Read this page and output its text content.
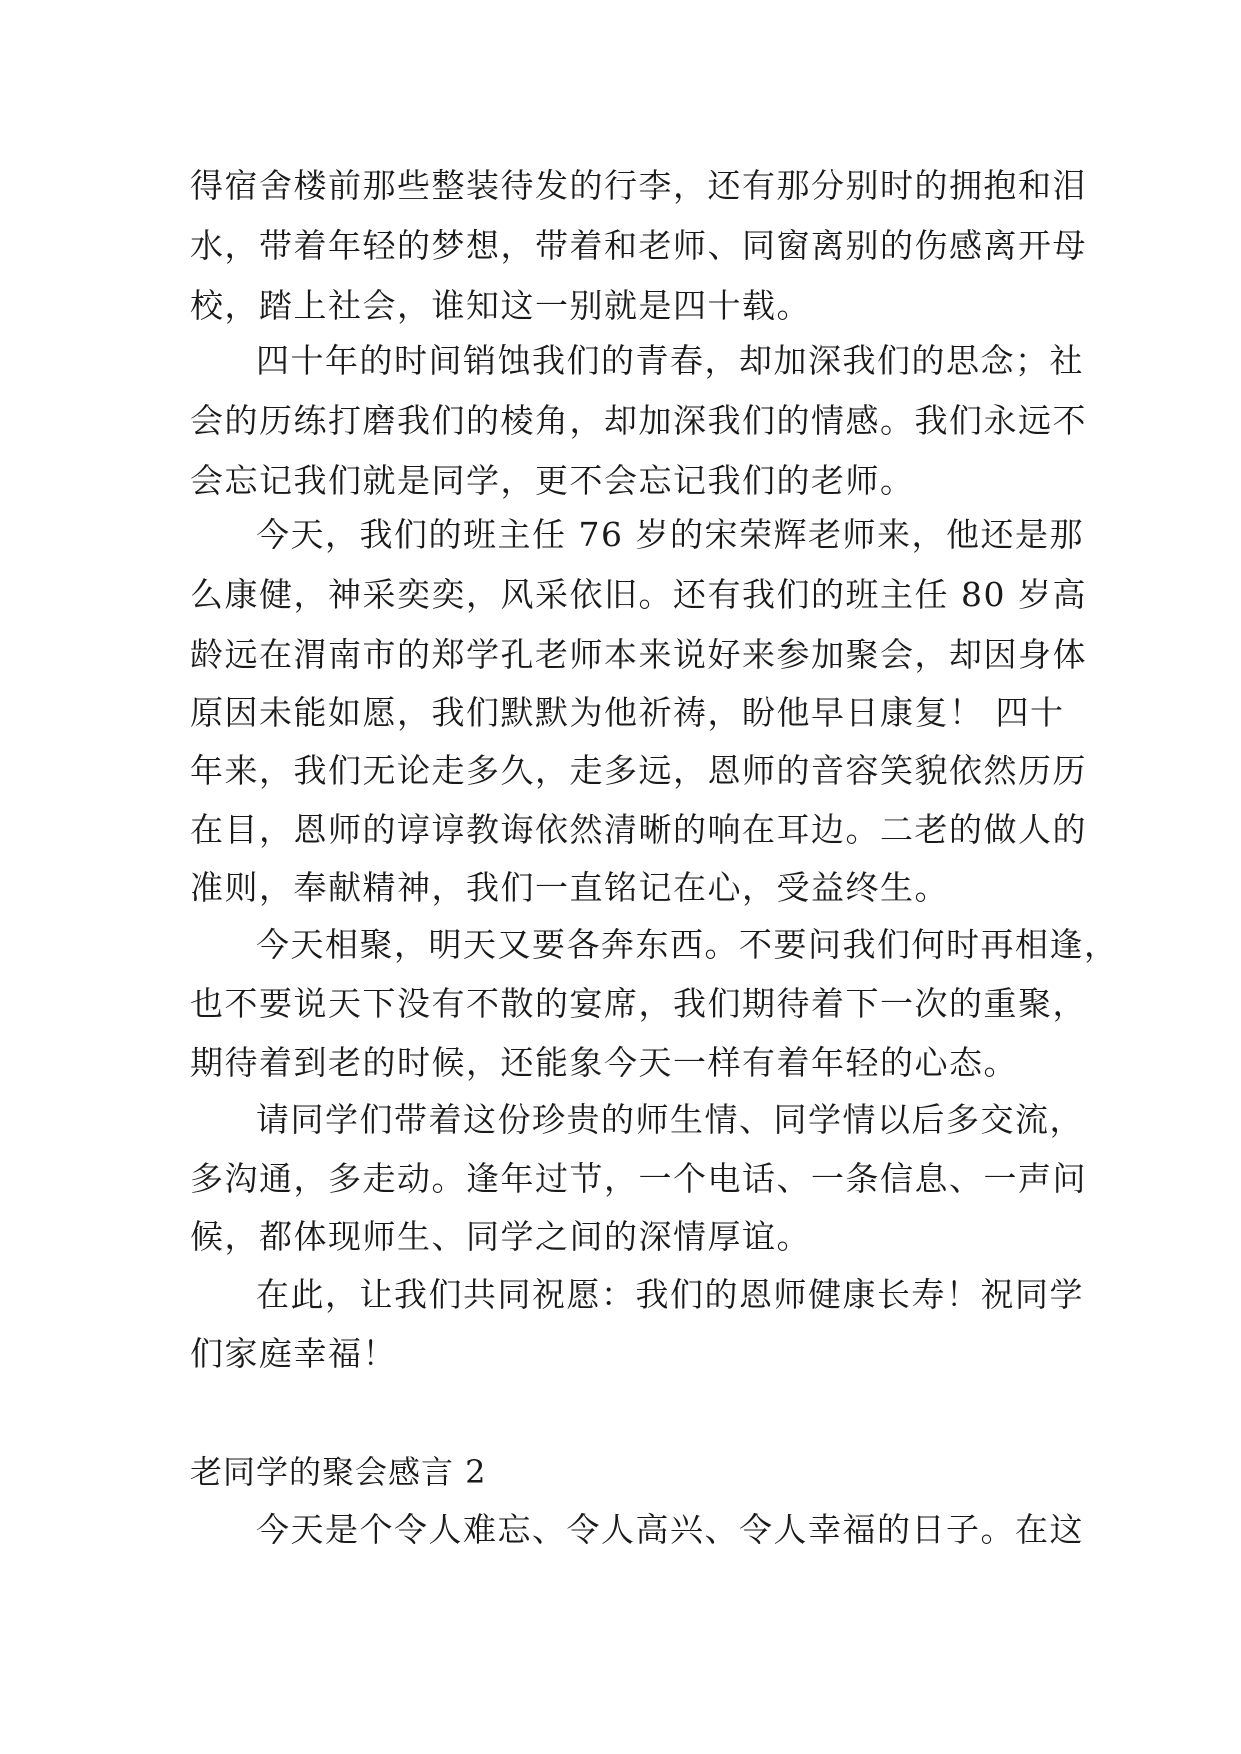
得宿舍楼前那些整装待发的行李，还有那分别时的拥抱和泪
水，带着年轻的梦想，带着和老师、同窗离别的伤感离开母
校，踏上社会，谁知这一别就是四十载。
四十年的时间销蚀我们的青春，却加深我们的思念；社
会的历练打磨我们的棱角，却加深我们的情感。我们永远不
会忘记我们就是同学，更不会忘记我们的老师。
今天，我们的班主任 76 岁的宋荣辉老师来，他还是那
么康健，神采奕奕，风采依旧。还有我们的班主任 80 岁高
龄远在渭南市的郑学孔老师本来说好来参加聚会，却因身体
原因未能如愿，我们默默为他祈祷，盼他早日康复！ 四十
年来，我们无论走多久，走多远，恩师的音容笑貌依然历历
在目，恩师的谆谆教诲依然清晰的响在耳边。二老的做人的
准则，奉献精神，我们一直铭记在心，受益终生。
今天相聚，明天又要各奔东西。不要问我们何时再相逢，
也不要说天下没有不散的宴席，我们期待着下一次的重聚，
期待着到老的时候，还能象今天一样有着年轻的心态。
请同学们带着这份珍贵的师生情、同学情以后多交流，
多沟通，多走动。逢年过节，一个电话、一条信息、一声问
候，都体现师生、同学之间的深情厚谊。
在此，让我们共同祝愿：我们的恩师健康长寿！祝同学
们家庭幸福！
老同学的聚会感言 2
今天是个令人难忘、令人高兴、令人幸福的日子。在这
